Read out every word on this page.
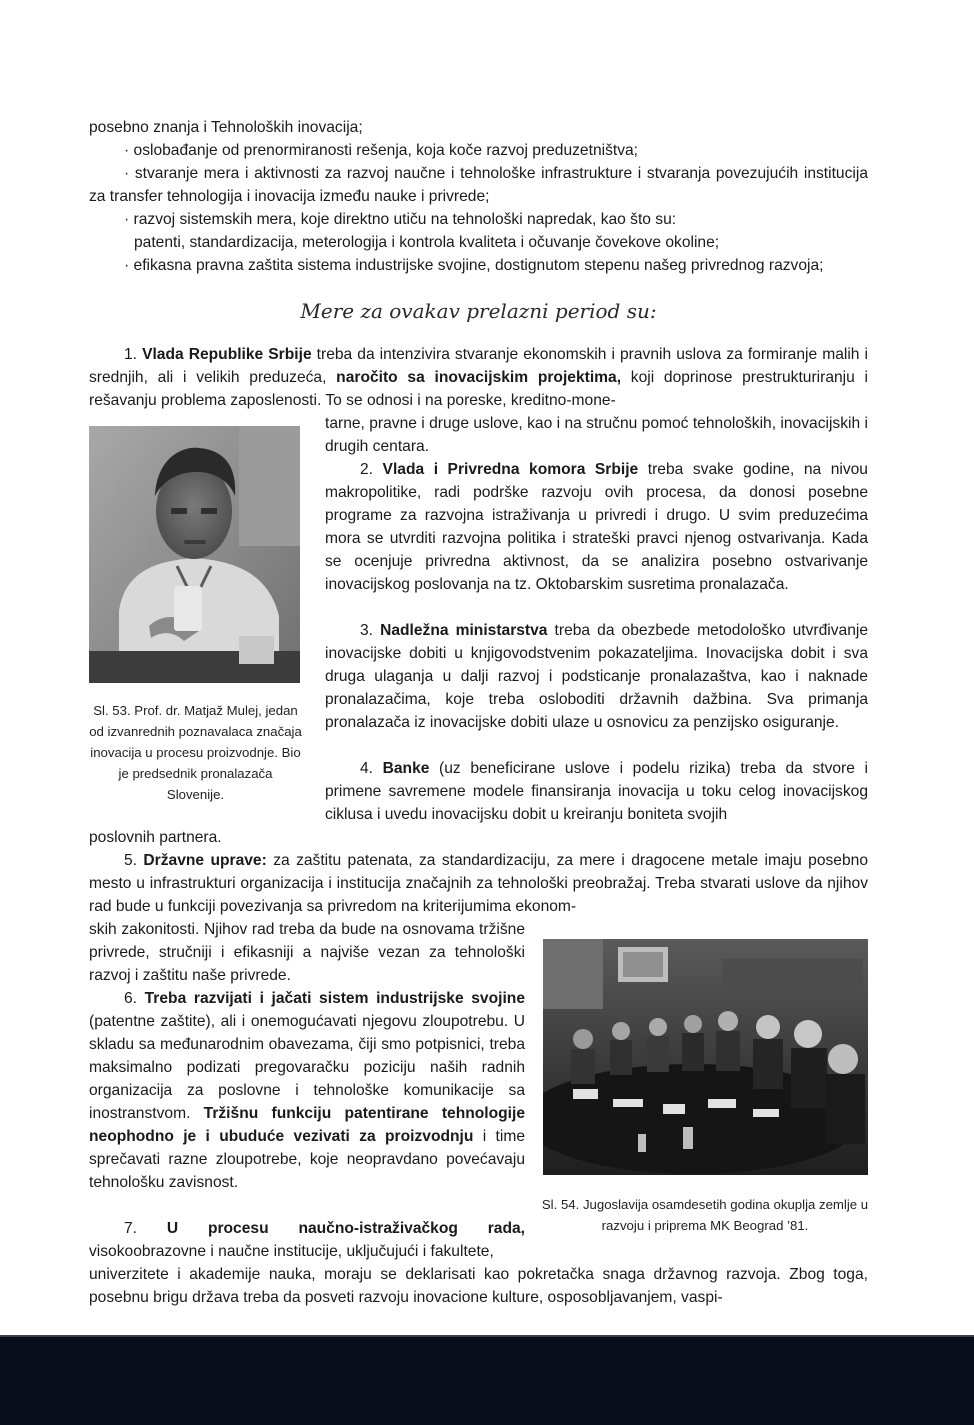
posebno znanja i Tehnoloških inovacija;

· oslobađanje od prenormiranosti rešenja, koja koče razvoj preduzetništva;

· stvaranje mera i aktivnosti za razvoj naučne i tehnološke infrastrukture i stvaranja povezujućih institucija za transfer tehnologija i inovacija između nauke i privrede;

· razvoj sistemskih mera, koje direktno utiču na tehnološki napredak, kao što su:

patenti, standardizacija, meterologija i kontrola kvaliteta i očuvanje čovekove okoline;

· efikasna pravna zaštita sistema industrijske svojine, dostignutom stepenu našeg privrednog razvoja;

Mere za ovakav prelazni period su:

1. Vlada Republike Srbije treba da intenzivira stvaranje ekonomskih i pravnih uslova za formiranje malih i srednjih, ali i velikih preduzeća, naročito sa inovacijskim projektima, koji doprinose prestrukturiranju i rešavanju problema zaposlenosti. To se odnosi i na poreske, kreditno-mone-

Sl. 53. Prof. dr. Matjaž Mulej, jedan od izvanrednih poznavalaca značaja inovacija u procesu proizvodnje. Bio je predsednik pronalazača Slovenije.

tarne, pravne i druge uslove, kao i na stručnu pomoć tehnoloških, inovacijskih i drugih centara.

2. Vlada i Privredna komora Srbije treba svake godine, na nivou makropolitike, radi podrške razvoju ovih procesa, da donosi posebne programe za razvojna istraživanja u privredi i drugo. U svim preduzećima mora se utvrditi razvojna politika i strateški pravci njenog ostvarivanja. Kada se ocenjuje privredna aktivnost, da se analizira posebno ostvarivanje inovacijskog poslovanja na tz. Oktobarskim susretima pronalazača.

3. Nadležna ministarstva treba da obezbede metodološko utvrđivanje inovacijske dobiti u knjigovodstvenim pokazateljima. Inovacijska dobit i sva druga ulaganja u dalji razvoj i podsticanje pronalazaštva, kao i naknade pronalazačima, koje treba osloboditi državnih dažbina. Sva primanja pronalazača iz inovacijske dobiti ulaze u osnovicu za penzijsko osiguranje.

4. Banke (uz beneficirane uslove i podelu rizika) treba da stvore i primene savremene modele finansiranja inovacija u toku celog inovacijskog ciklusa i uvedu inovacijsku dobit u kreiranju boniteta svojih

poslovnih partnera.

5. Državne uprave: za zaštitu patenata, za standardizaciju, za mere i dragocene metale imaju posebno mesto u infrastrukturi organizacija i institucija značajnih za tehnološki preobražaj. Treba stvarati uslove da njihov rad bude u funkciji povezivanja sa privredom na kriterijumima ekonom-

skih zakonitosti. Njihov rad treba da bude na osnovama tržišne privrede, stručniji i efikasniji a najviše vezan za tehnološki razvoj i zaštitu naše privrede.

6. Treba razvijati i jačati sistem industrijske svojine (patentne zaštite), ali i onemogućavati njegovu zloupotrebu. U skladu sa međunarodnim obavezama, čiji smo potpisnici, treba maksimalno podizati pregovaračku poziciju naših radnih organizacija za poslovne i tehnološke komunikacije sa inostranstvom. Tržišnu funkciju patentirane tehnologije neophodno je i ubuduće vezivati za proizvodnju i time sprečavati razne zloupotrebe, koje neopravdano povećavaju tehnološku zavisnost.

7. U procesu naučno-istraživačkog rada, visokoobrazovne i naučne institucije, uključujući i fakultete,

univerzitete i akademije nauka, moraju se deklarisati kao pokretačka snaga državnog razvoja. Zbog toga, posebnu brigu država treba da posveti razvoju inovacione kulture, osposobljavanjem, vaspi-

Sl. 54. Jugoslavija osamdesetih godina okuplja zemlje u razvoju i priprema MK Beograd ’81.
